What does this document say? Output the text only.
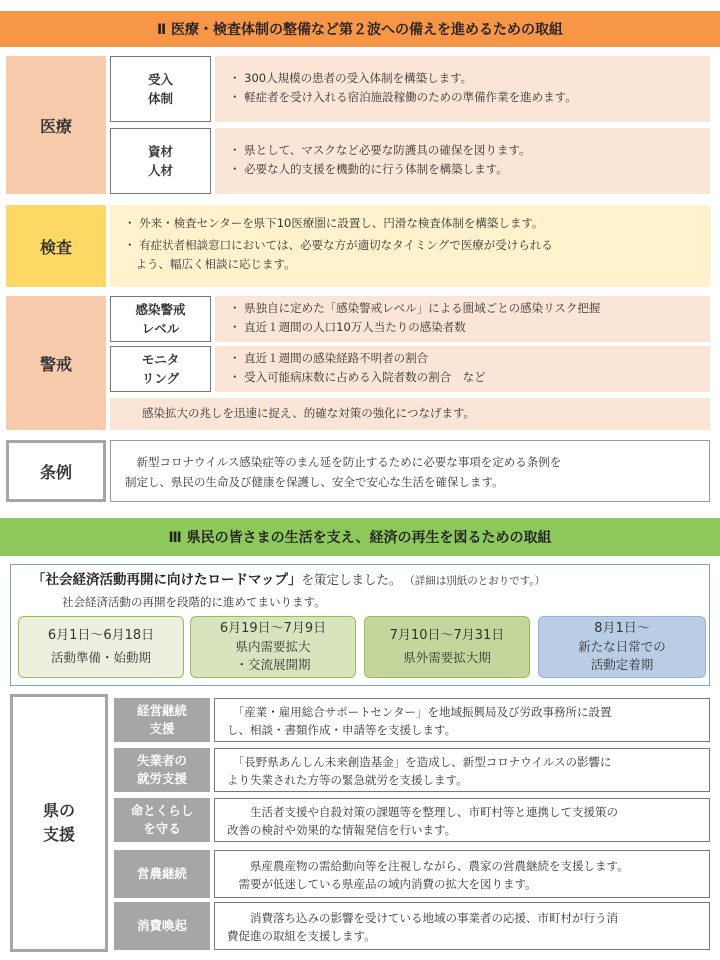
Ⅱ 医療・検査体制の整備など第２波への備えを進めるための取組
医療
受入
体制
・ 300人規模の患者の受入体制を構築します。
・ 軽症者を受け入れる宿泊施設稼働のための準備作業を進めます。
資材
人材
・ 県として、マスクなど必要な防護具の確保を図ります。
・ 必要な人的支援を機動的に行う体制を構築します。
検査
・ 外来・検査センターを県下10医療圏に設置し、円滑な検査体制を構築します。
・ 有症状者相談窓口においては、必要な方が適切なタイミングで医療が受けられる
　よう、幅広く相談に応じます。
警戒
感染警戒
レベル
・ 県独自に定めた「感染警戒レベル」による圏域ごとの感染リスク把握
・ 直近１週間の人口10万人当たりの感染者数
モニタ
リング
・ 直近１週間の感染経路不明者の割合
・ 受入可能病床数に占める入院者数の割合　など
感染拡大の兆しを迅速に捉え、的確な対策の強化につなげます。
条例
　新型コロナウイルス感染症等のまん延を防止するために必要な事項を定める条例を
制定し、県民の生命及び健康を保護し、安全で安心な生活を確保します。
Ⅲ 県民の皆さまの生活を支え、経済の再生を図るための取組
「社会経済活動再開に向けたロードマップ」を策定しました。 （詳細は別紙のとおりです。）
社会経済活動の再開を段階的に進めてまいります。
6月1日～6月18日
活動準備・始動期
6月19日～7月9日
県内需要拡大
・交流展開期
7月10日～7月31日
県外需要拡大期
8月1日～
新たな日常での
活動定着期
県の
支援
経営継続
支援
　「産業・雇用総合サポートセンター」を地域振興局及び労政事務所に設置
し、相談・書類作成・申請等を支援します。
失業者の
就労支援
　「長野県あんしん未来創造基金」を造成し、新型コロナウイルスの影響に
より失業された方等の緊急就労を支援します。
命とくらし
を守る
　　生活者支援や自殺対策の課題等を整理し、市町村等と連携して支援策の
改善の検討や効果的な情報発信を行います。
営農継続	　　県産農産物の需給動向等を注視しながら、農家の営農継続を支援します。
　需要が低迷している県産品の域内消費の拡大を図ります。
消費喚起	　　消費落ち込みの影響を受けている地域の事業者の応援、市町村が行う消
費促進の取組を支援します。
